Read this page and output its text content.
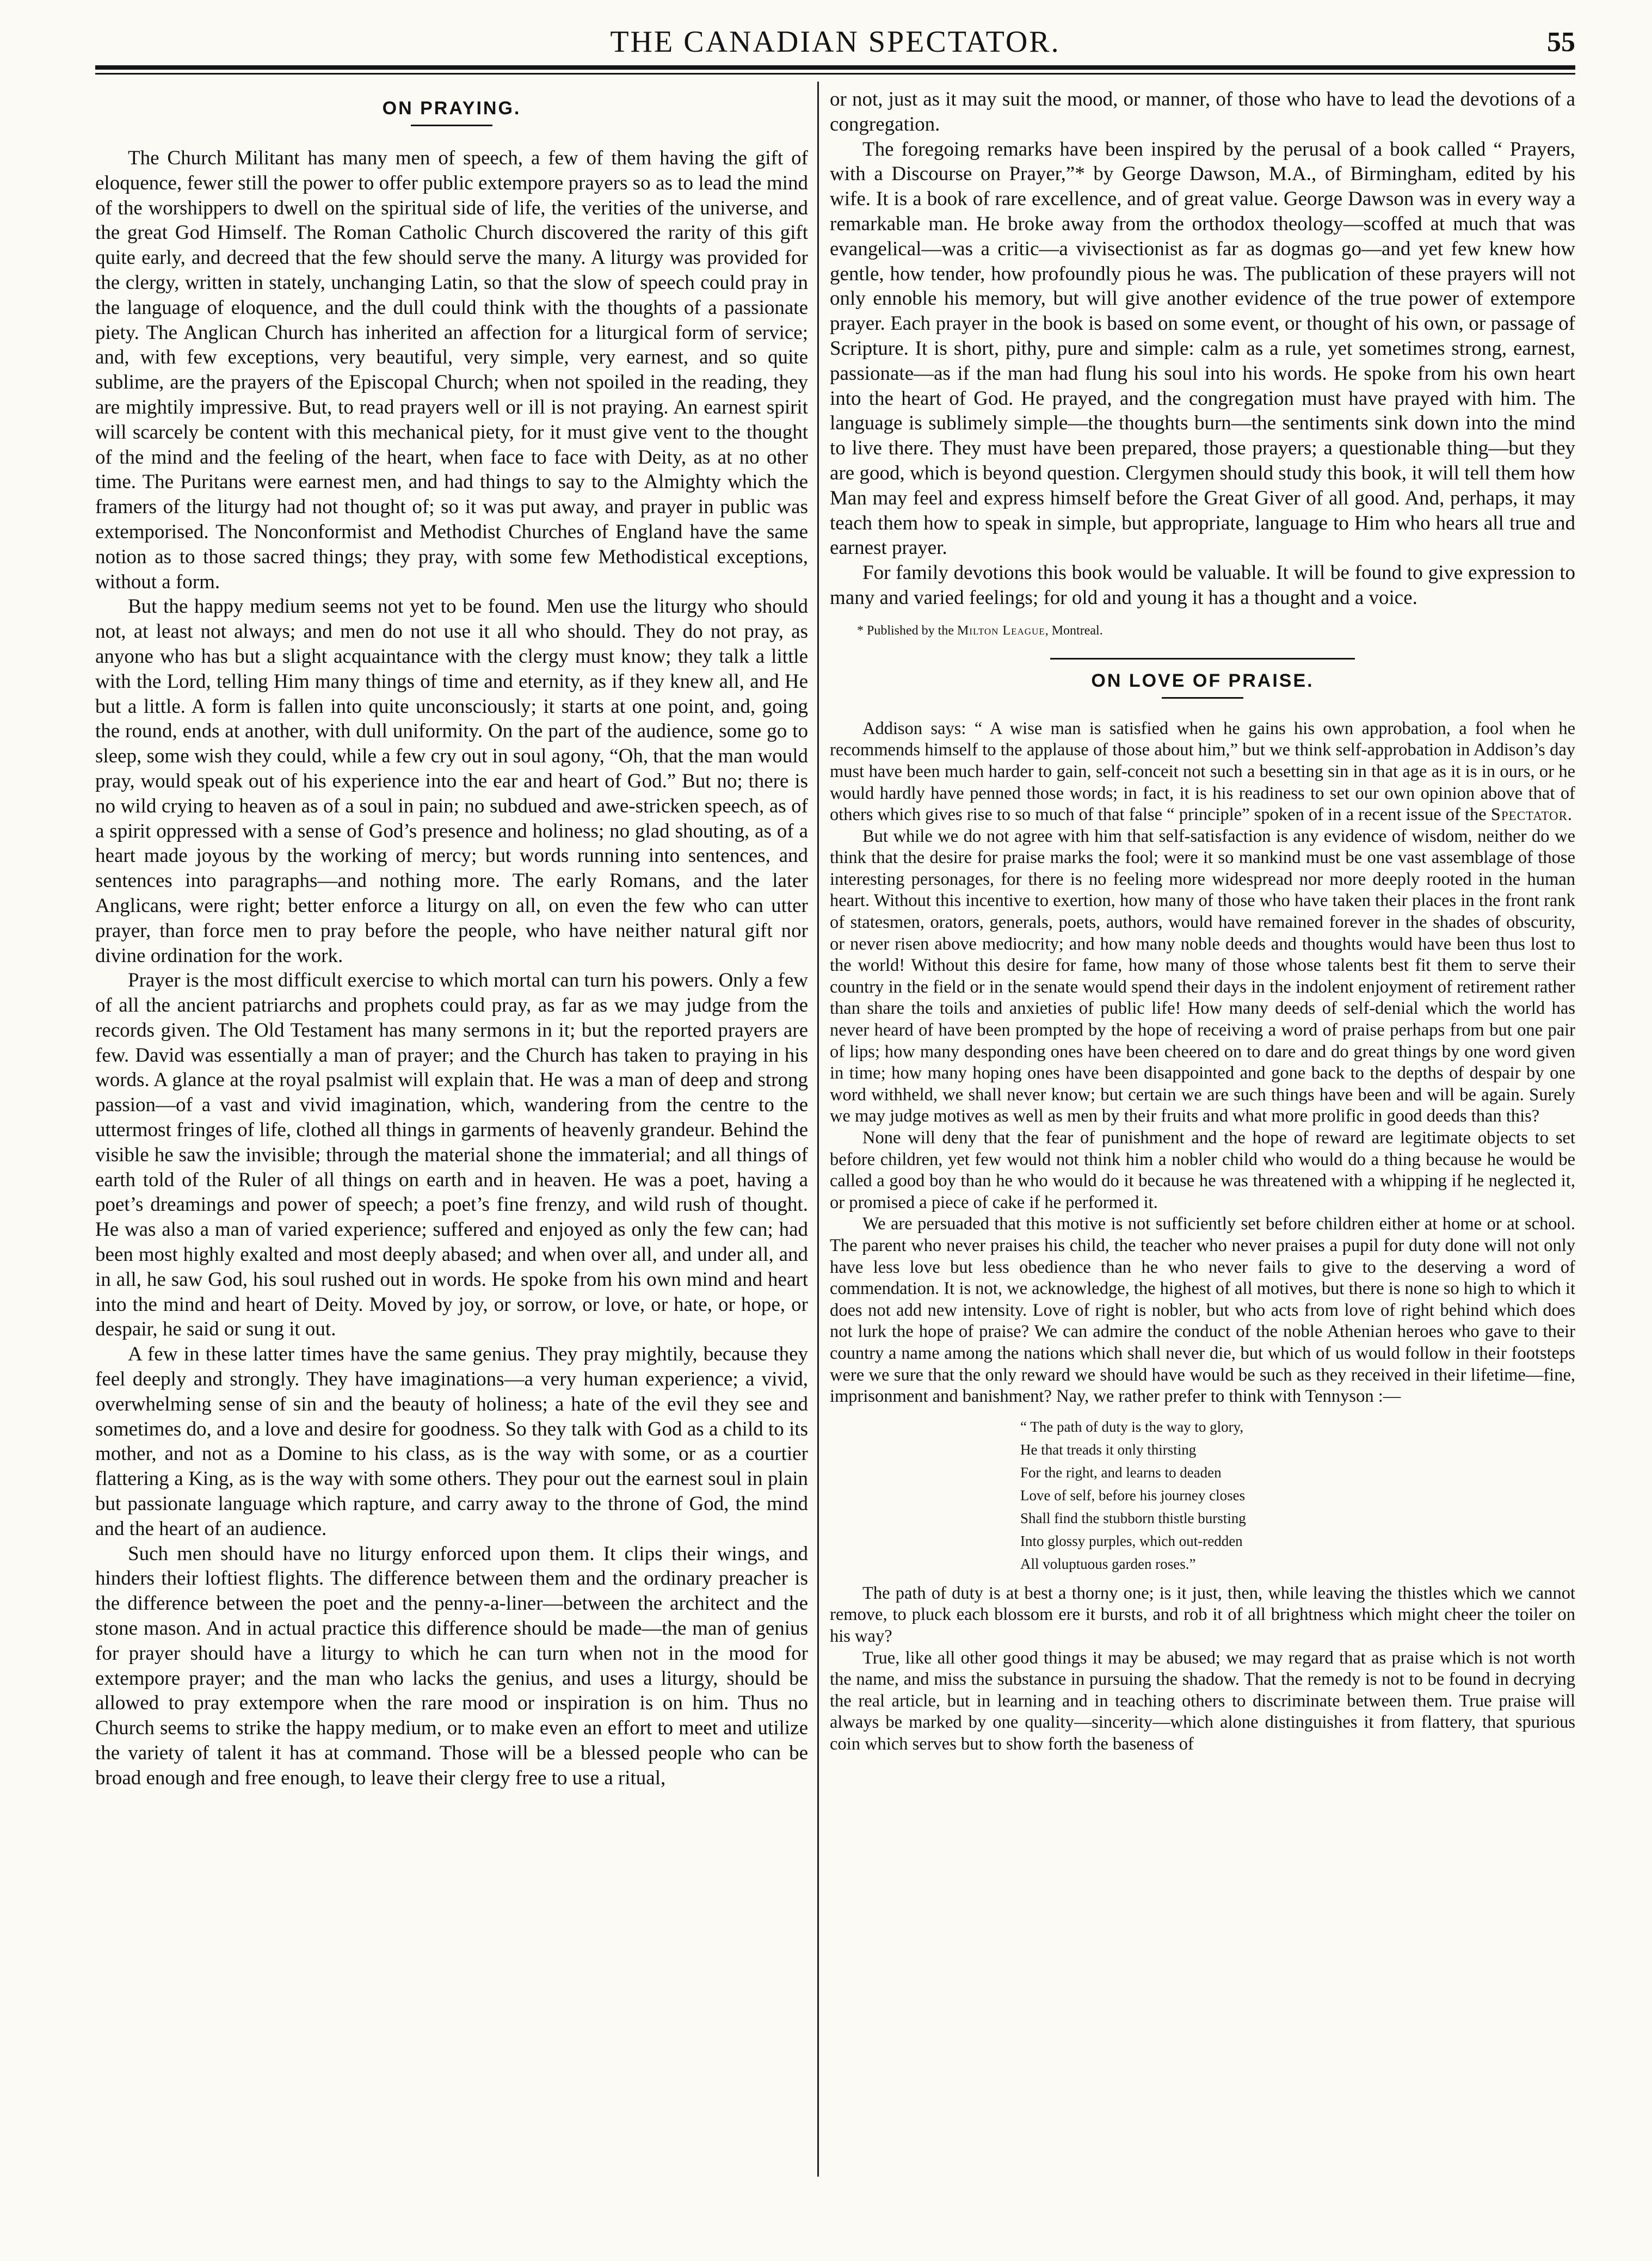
THE CANADIAN SPECTATOR.	55
ON PRAYING.

The Church Militant has many men of speech, a few of them having the gift of eloquence, fewer still the power to offer public extempore prayers so as to lead the mind of the worshippers to dwell on the spiritual side of life, the verities of the universe, and the great God Himself. The Roman Catholic Church discovered the rarity of this gift quite early, and decreed that the few should serve the many. A liturgy was provided for the clergy, written in stately, unchanging Latin, so that the slow of speech could pray in the language of eloquence, and the dull could think with the thoughts of a passionate piety. The Anglican Church has inherited an affection for a liturgical form of service; and, with few exceptions, very beautiful, very simple, very earnest, and so quite sublime, are the prayers of the Episcopal Church; when not spoiled in the reading, they are mightily impressive. But, to read prayers well or ill is not praying. An earnest spirit will scarcely be content with this mechanical piety, for it must give vent to the thought of the mind and the feeling of the heart, when face to face with Deity, as at no other time. The Puritans were earnest men, and had things to say to the Almighty which the framers of the liturgy had not thought of; so it was put away, and prayer in public was extemporised. The Nonconformist and Methodist Churches of England have the same notion as to those sacred things; they pray, with some few Methodistical exceptions, without a form.

But the happy medium seems not yet to be found. Men use the liturgy who should not, at least not always; and men do not use it all who should. They do not pray, as anyone who has but a slight acquaintance with the clergy must know; they talk a little with the Lord, telling Him many things of time and eternity, as if they knew all, and He but a little. A form is fallen into quite unconsciously; it starts at one point, and, going the round, ends at another, with dull uniformity. On the part of the audience, some go to sleep, some wish they could, while a few cry out in soul agony, “Oh, that the man would pray, would speak out of his experience into the ear and heart of God.” But no; there is no wild crying to heaven as of a soul in pain; no subdued and awe-stricken speech, as of a spirit oppressed with a sense of God’s presence and holiness; no glad shouting, as of a heart made joyous by the working of mercy; but words running into sentences, and sentences into paragraphs—and nothing more. The early Romans, and the later Anglicans, were right; better enforce a liturgy on all, on even the few who can utter prayer, than force men to pray before the people, who have neither natural gift nor divine ordination for the work.

Prayer is the most difficult exercise to which mortal can turn his powers. Only a few of all the ancient patriarchs and prophets could pray, as far as we may judge from the records given. The Old Testament has many sermons in it; but the reported prayers are few. David was essentially a man of prayer; and the Church has taken to praying in his words. A glance at the royal psalmist will explain that. He was a man of deep and strong passion—of a vast and vivid imagination, which, wandering from the centre to the uttermost fringes of life, clothed all things in garments of heavenly grandeur. Behind the visible he saw the invisible; through the material shone the immaterial; and all things of earth told of the Ruler of all things on earth and in heaven. He was a poet, having a poet’s dreamings and power of speech; a poet’s fine frenzy, and wild rush of thought. He was also a man of varied experience; suffered and enjoyed as only the few can; had been most highly exalted and most deeply abased; and when over all, and under all, and in all, he saw God, his soul rushed out in words. He spoke from his own mind and heart into the mind and heart of Deity. Moved by joy, or sorrow, or love, or hate, or hope, or despair, he said or sung it out.

A few in these latter times have the same genius. They pray mightily, because they feel deeply and strongly. They have imaginations—a very human experience; a vivid, overwhelming sense of sin and the beauty of holiness; a hate of the evil they see and sometimes do, and a love and desire for goodness. So they talk with God as a child to its mother, and not as a Domine to his class, as is the way with some, or as a courtier flattering a King, as is the way with some others. They pour out the earnest soul in plain but passionate language which rapture, and carry away to the throne of God, the mind and the heart of an audience.

Such men should have no liturgy enforced upon them. It clips their wings, and hinders their loftiest flights. The difference between them and the ordinary preacher is the difference between the poet and the penny-a-liner—between the architect and the stone mason. And in actual practice this difference should be made—the man of genius for prayer should have a liturgy to which he can turn when not in the mood for extempore prayer; and the man who lacks the genius, and uses a liturgy, should be allowed to pray extempore when the rare mood or inspiration is on him. Thus no Church seems to strike the happy medium, or to make even an effort to meet and utilize the variety of talent it has at command. Those will be a blessed people who can be broad enough and free enough, to leave their clergy free to use a ritual,

or not, just as it may suit the mood, or manner, of those who have to lead the devotions of a congregation.

The foregoing remarks have been inspired by the perusal of a book called “ Prayers, with a Discourse on Prayer,”* by George Dawson, M.A., of Birmingham, edited by his wife. It is a book of rare excellence, and of great value. George Dawson was in every way a remarkable man. He broke away from the orthodox theology—scoffed at much that was evangelical—was a critic—a vivisectionist as far as dogmas go—and yet few knew how gentle, how tender, how profoundly pious he was. The publication of these prayers will not only ennoble his memory, but will give another evidence of the true power of extempore prayer. Each prayer in the book is based on some event, or thought of his own, or passage of Scripture. It is short, pithy, pure and simple: calm as a rule, yet sometimes strong, earnest, passionate—as if the man had flung his soul into his words. He spoke from his own heart into the heart of God. He prayed, and the congregation must have prayed with him. The language is sublimely simple—the thoughts burn—the sentiments sink down into the mind to live there. They must have been prepared, those prayers; a questionable thing—but they are good, which is beyond question. Clergymen should study this book, it will tell them how Man may feel and express himself before the Great Giver of all good. And, perhaps, it may teach them how to speak in simple, but appropriate, language to Him who hears all true and earnest prayer.

For family devotions this book would be valuable. It will be found to give expression to many and varied feelings; for old and young it has a thought and a voice.

* Published by the Milton League, Montreal.
ON LOVE OF PRAISE.

Addison says: “ A wise man is satisfied when he gains his own approbation, a fool when he recommends himself to the applause of those about him,” but we think self-approbation in Addison’s day must have been much harder to gain, self-conceit not such a besetting sin in that age as it is in ours, or he would hardly have penned those words; in fact, it is his readiness to set our own opinion above that of others which gives rise to so much of that false “ principle” spoken of in a recent issue of the Spectator.

But while we do not agree with him that self-satisfaction is any evidence of wisdom, neither do we think that the desire for praise marks the fool; were it so mankind must be one vast assemblage of those interesting personages, for there is no feeling more widespread nor more deeply rooted in the human heart. Without this incentive to exertion, how many of those who have taken their places in the front rank of statesmen, orators, generals, poets, authors, would have remained forever in the shades of obscurity, or never risen above mediocrity; and how many noble deeds and thoughts would have been thus lost to the world! Without this desire for fame, how many of those whose talents best fit them to serve their country in the field or in the senate would spend their days in the indolent enjoyment of retirement rather than share the toils and anxieties of public life! How many deeds of self-denial which the world has never heard of have been prompted by the hope of receiving a word of praise perhaps from but one pair of lips; how many desponding ones have been cheered on to dare and do great things by one word given in time; how many hoping ones have been disappointed and gone back to the depths of despair by one word withheld, we shall never know; but certain we are such things have been and will be again. Surely we may judge motives as well as men by their fruits and what more prolific in good deeds than this?

None will deny that the fear of punishment and the hope of reward are legitimate objects to set before children, yet few would not think him a nobler child who would do a thing because he would be called a good boy than he who would do it because he was threatened with a whipping if he neglected it, or promised a piece of cake if he performed it.

We are persuaded that this motive is not sufficiently set before children either at home or at school. The parent who never praises his child, the teacher who never praises a pupil for duty done will not only have less love but less obedience than he who never fails to give to the deserving a word of commendation. It is not, we acknowledge, the highest of all motives, but there is none so high to which it does not add new intensity. Love of right is nobler, but who acts from love of right behind which does not lurk the hope of praise? We can admire the conduct of the noble Athenian heroes who gave to their country a name among the nations which shall never die, but which of us would follow in their footsteps were we sure that the only reward we should have would be such as they received in their lifetime—fine, imprisonment and banishment? Nay, we rather prefer to think with Tennyson :—

“ The path of duty is the way to glory,
He that treads it only thirsting
For the right, and learns to deaden
Love of self, before his journey closes
Shall find the stubborn thistle bursting
Into glossy purples, which out-redden
All voluptuous garden roses.”

The path of duty is at best a thorny one; is it just, then, while leaving the thistles which we cannot remove, to pluck each blossom ere it bursts, and rob it of all brightness which might cheer the toiler on his way?

True, like all other good things it may be abused; we may regard that as praise which is not worth the name, and miss the substance in pursuing the shadow. That the remedy is not to be found in decrying the real article, but in learning and in teaching others to discriminate between them. True praise will always be marked by one quality—sincerity—which alone distinguishes it from flattery, that spurious coin which serves but to show forth the baseness of
